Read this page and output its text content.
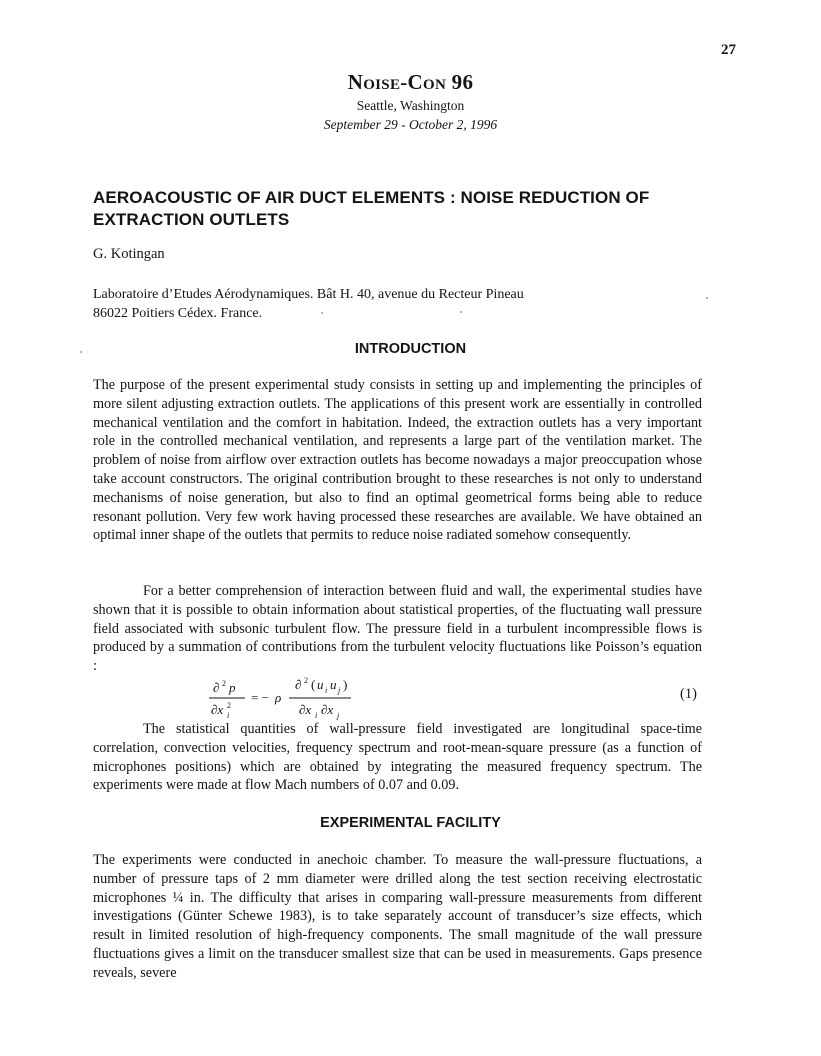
27
Noise-Con 96
Seattle, Washington
September 29 - October 2, 1996
AEROACOUSTIC OF AIR DUCT ELEMENTS : NOISE REDUCTION OF EXTRACTION OUTLETS
G. Kotingan
Laboratoire d’Etudes Aérodynamiques. Bât H. 40, avenue du Recteur Pineau
86022 Poitiers Cédex. France.
INTRODUCTION
The purpose of the present experimental study consists in setting up and implementing the principles of more silent adjusting extraction outlets. The applications of this present work are essentially in controlled mechanical ventilation and the comfort in habitation. Indeed, the extraction outlets has a very important role in the controlled mechanical ventilation, and represents a large part of the ventilation market. The problem of noise from airflow over extraction outlets has become nowadays a major preoccupation whose take account constructors. The original contribution brought to these researches is not only to understand mechanisms of noise generation, but also to find an optimal geometrical forms being able to reduce resonant pollution. Very few work having processed these researches are available. We have obtained an optimal inner shape of the outlets that permits to reduce noise radiated somehow consequently.
For a better comprehension of interaction between fluid and wall, the experimental studies have shown that it is possible to obtain information about statistical properties, of the fluctuating wall pressure field associated with subsonic turbulent flow. The pressure field in a turbulent incompressible flows is produced by a summation of contributions from the turbulent velocity fluctuations like Poisson’s equation :
∂ 2 p
∂x 2
i
= − ρ
∂ 2 ( u i u j )
∂x i ∂x j
(1)
The statistical quantities of wall-pressure field investigated are longitudinal space-time correlation, convection velocities, frequency spectrum and root-mean-square pressure (as a function of microphones positions) which are obtained by integrating the measured frequency spectrum. The experiments were made at flow Mach numbers of 0.07 and 0.09.
EXPERIMENTAL FACILITY
The experiments were conducted in anechoic chamber. To measure the wall-pressure fluctuations, a number of pressure taps of 2 mm diameter were drilled along the test section receiving electrostatic microphones ¼ in. The difficulty that arises in comparing wall-pressure measurements from different investigations (Günter Schewe 1983), is to take separately account of transducer’s size effects, which result in limited resolution of high-frequency components. The small magnitude of the wall pressure fluctuations gives a limit on the transducer smallest size that can be used in measurements. Gaps presence reveals, severe
